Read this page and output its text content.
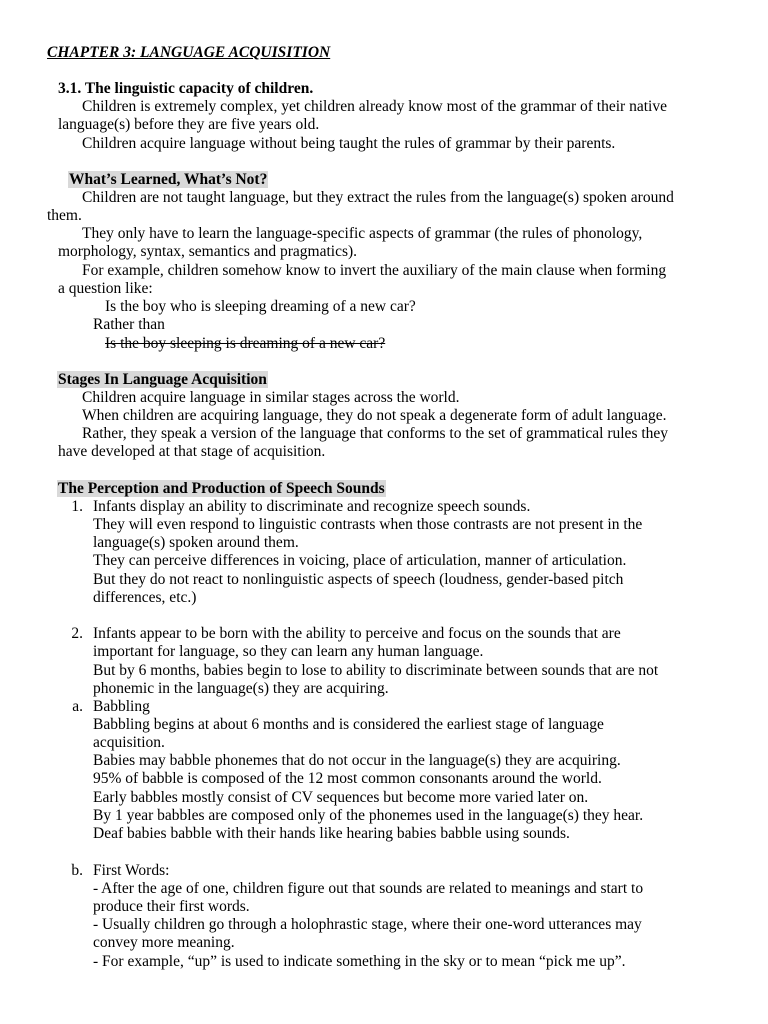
CHAPTER 3: LANGUAGE ACQUISITION
3.1. The linguistic capacity of children.
Children is extremely complex, yet children already know most of the grammar of their native
language(s) before they are five years old.
Children acquire language without being taught the rules of grammar by their parents.
What’s Learned, What’s Not?
Children are not taught language, but they extract the rules from the language(s) spoken around
them.
They only have to learn the language-specific aspects of grammar (the rules of phonology,
morphology, syntax, semantics and pragmatics).
For example, children somehow know to invert the auxiliary of the main clause when forming
a question like:
Is the boy who is sleeping dreaming of a new car?
Rather than
Is the boy sleeping is dreaming of a new car?
Stages In Language Acquisition
Children acquire language in similar stages across the world.
When children are acquiring language, they do not speak a degenerate form of adult language.
Rather, they speak a version of the language that conforms to the set of grammatical rules they
have developed at that stage of acquisition.
The Perception and Production of Speech Sounds
1. Infants display an ability to discriminate and recognize speech sounds.
They will even respond to linguistic contrasts when those contrasts are not present in the
language(s) spoken around them.
They can perceive differences in voicing, place of articulation, manner of articulation.
But they do not react to nonlinguistic aspects of speech (loudness, gender-based pitch
differences, etc.)
2. Infants appear to be born with the ability to perceive and focus on the sounds that are
important for language, so they can learn any human language.
But by 6 months, babies begin to lose to ability to discriminate between sounds that are not
phonemic in the language(s) they are acquiring.
a. Babbling
Babbling begins at about 6 months and is considered the earliest stage of language
acquisition.
Babies may babble phonemes that do not occur in the language(s) they are acquiring.
95% of babble is composed of the 12 most common consonants around the world.
Early babbles mostly consist of CV sequences but become more varied later on.
By 1 year babbles are composed only of the phonemes used in the language(s) they hear.
Deaf babies babble with their hands like hearing babies babble using sounds.
b. First Words:
- After the age of one, children figure out that sounds are related to meanings and start to
produce their first words.
- Usually children go through a holophrastic stage, where their one-word utterances may
convey more meaning.
- For example, “up” is used to indicate something in the sky or to mean “pick me up”.
